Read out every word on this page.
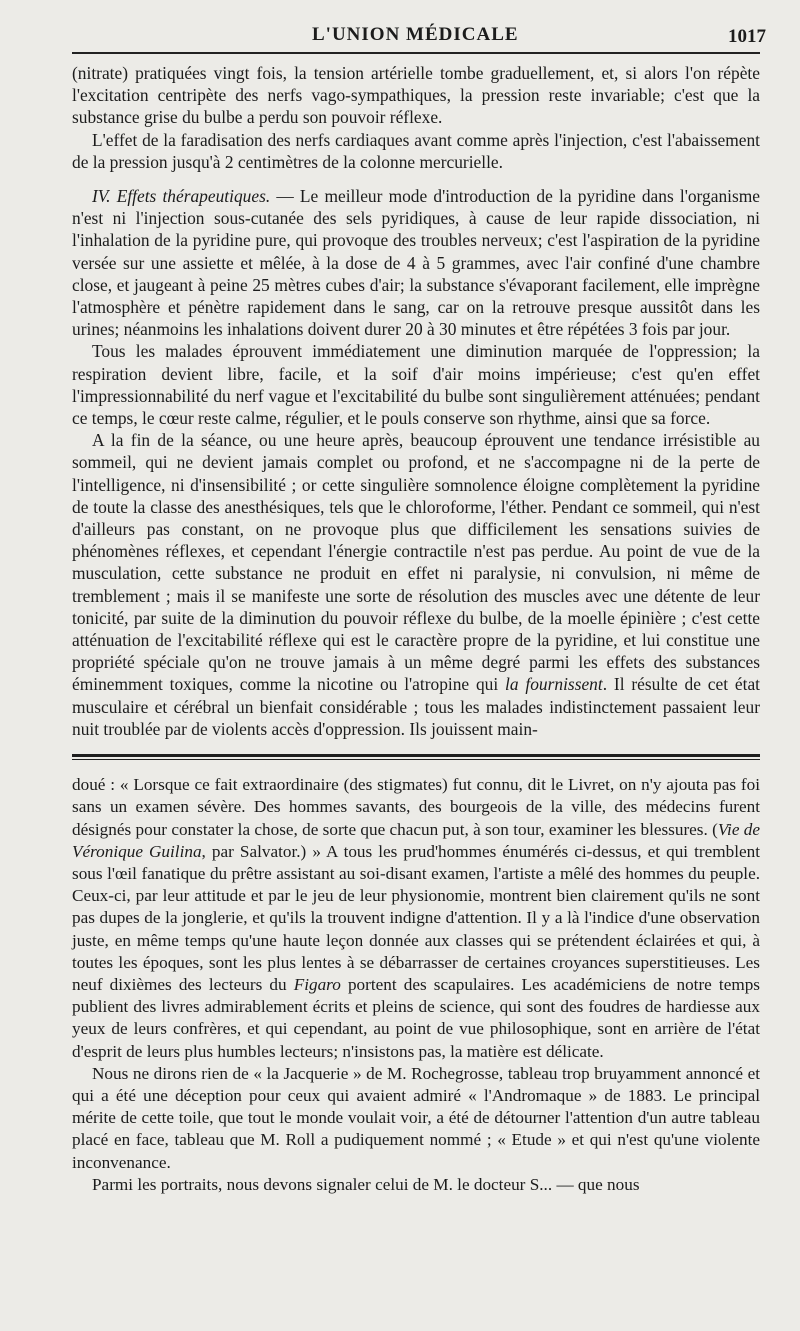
L'UNION MÉDICALE	1017

(nitrate) pratiquées vingt fois, la tension artérielle tombe graduellement, et, si alors l'on répète l'excitation centripète des nerfs vago-sympathiques, la pression reste invariable; c'est que la substance grise du bulbe a perdu son pouvoir réflexe.

L'effet de la faradisation des nerfs cardiaques avant comme après l'injection, c'est l'abaissement de la pression jusqu'à 2 centimètres de la colonne mercurielle.

IV. Effets thérapeutiques. — Le meilleur mode d'introduction de la pyridine dans l'organisme n'est ni l'injection sous-cutanée des sels pyridiques, à cause de leur rapide dissociation, ni l'inhalation de la pyridine pure, qui provoque des troubles nerveux; c'est l'aspiration de la pyridine versée sur une assiette et mêlée, à la dose de 4 à 5 grammes, avec l'air confiné d'une chambre close, et jaugeant à peine 25 mètres cubes d'air; la substance s'évaporant facilement, elle imprègne l'atmosphère et pénètre rapidement dans le sang, car on la retrouve presque aussitôt dans les urines; néanmoins les inhalations doivent durer 20 à 30 minutes et être répétées 3 fois par jour.

Tous les malades éprouvent immédiatement une diminution marquée de l'oppression; la respiration devient libre, facile, et la soif d'air moins impérieuse; c'est qu'en effet l'impressionnabilité du nerf vague et l'excitabilité du bulbe sont singulièrement atténuées; pendant ce temps, le cœur reste calme, régulier, et le pouls conserve son rhythme, ainsi que sa force.

A la fin de la séance, ou une heure après, beaucoup éprouvent une tendance irrésistible au sommeil, qui ne devient jamais complet ou profond, et ne s'accompagne ni de la perte de l'intelligence, ni d'insensibilité ; or cette singulière somnolence éloigne complètement la pyridine de toute la classe des anesthésiques, tels que le chloroforme, l'éther. Pendant ce sommeil, qui n'est d'ailleurs pas constant, on ne provoque plus que difficilement les sensations suivies de phénomènes réflexes, et cependant l'énergie contractile n'est pas perdue. Au point de vue de la musculation, cette substance ne produit en effet ni paralysie, ni convulsion, ni même de tremblement ; mais il se manifeste une sorte de résolution des muscles avec une détente de leur tonicité, par suite de la diminution du pouvoir réflexe du bulbe, de la moelle épinière ; c'est cette atténuation de l'excitabilité réflexe qui est le caractère propre de la pyridine, et lui constitue une propriété spéciale qu'on ne trouve jamais à un même degré parmi les effets des substances éminemment toxiques, comme la nicotine ou l'atropine qui la fournissent. Il résulte de cet état musculaire et cérébral un bienfait considérable ; tous les malades indistinctement passaient leur nuit troublée par de violents accès d'oppression. Ils jouissent main-

doué : « Lorsque ce fait extraordinaire (des stigmates) fut connu, dit le Livret, on n'y ajouta pas foi sans un examen sévère. Des hommes savants, des bourgeois de la ville, des médecins furent désignés pour constater la chose, de sorte que chacun put, à son tour, examiner les blessures. (Vie de Véronique Guilina, par Salvator.) » A tous les prud'hommes énumérés ci-dessus, et qui tremblent sous l'œil fanatique du prêtre assistant au soi-disant examen, l'artiste a mêlé des hommes du peuple. Ceux-ci, par leur attitude et par le jeu de leur physionomie, montrent bien clairement qu'ils ne sont pas dupes de la jonglerie, et qu'ils la trouvent indigne d'attention. Il y a là l'indice d'une observation juste, en même temps qu'une haute leçon donnée aux classes qui se prétendent éclairées et qui, à toutes les époques, sont les plus lentes à se débarrasser de certaines croyances superstitieuses. Les neuf dixièmes des lecteurs du Figaro portent des scapulaires. Les académiciens de notre temps publient des livres admirablement écrits et pleins de science, qui sont des foudres de hardiesse aux yeux de leurs confrères, et qui cependant, au point de vue philosophique, sont en arrière de l'état d'esprit de leurs plus humbles lecteurs; n'insistons pas, la matière est délicate.

Nous ne dirons rien de « la Jacquerie » de M. Rochegrosse, tableau trop bruyamment annoncé et qui a été une déception pour ceux qui avaient admiré « l'Andromaque » de 1883. Le principal mérite de cette toile, que tout le monde voulait voir, a été de détourner l'attention d'un autre tableau placé en face, tableau que M. Roll a pudiquement nommé ; « Etude » et qui n'est qu'une violente inconvenance.

Parmi les portraits, nous devons signaler celui de M. le docteur S... — que nous
